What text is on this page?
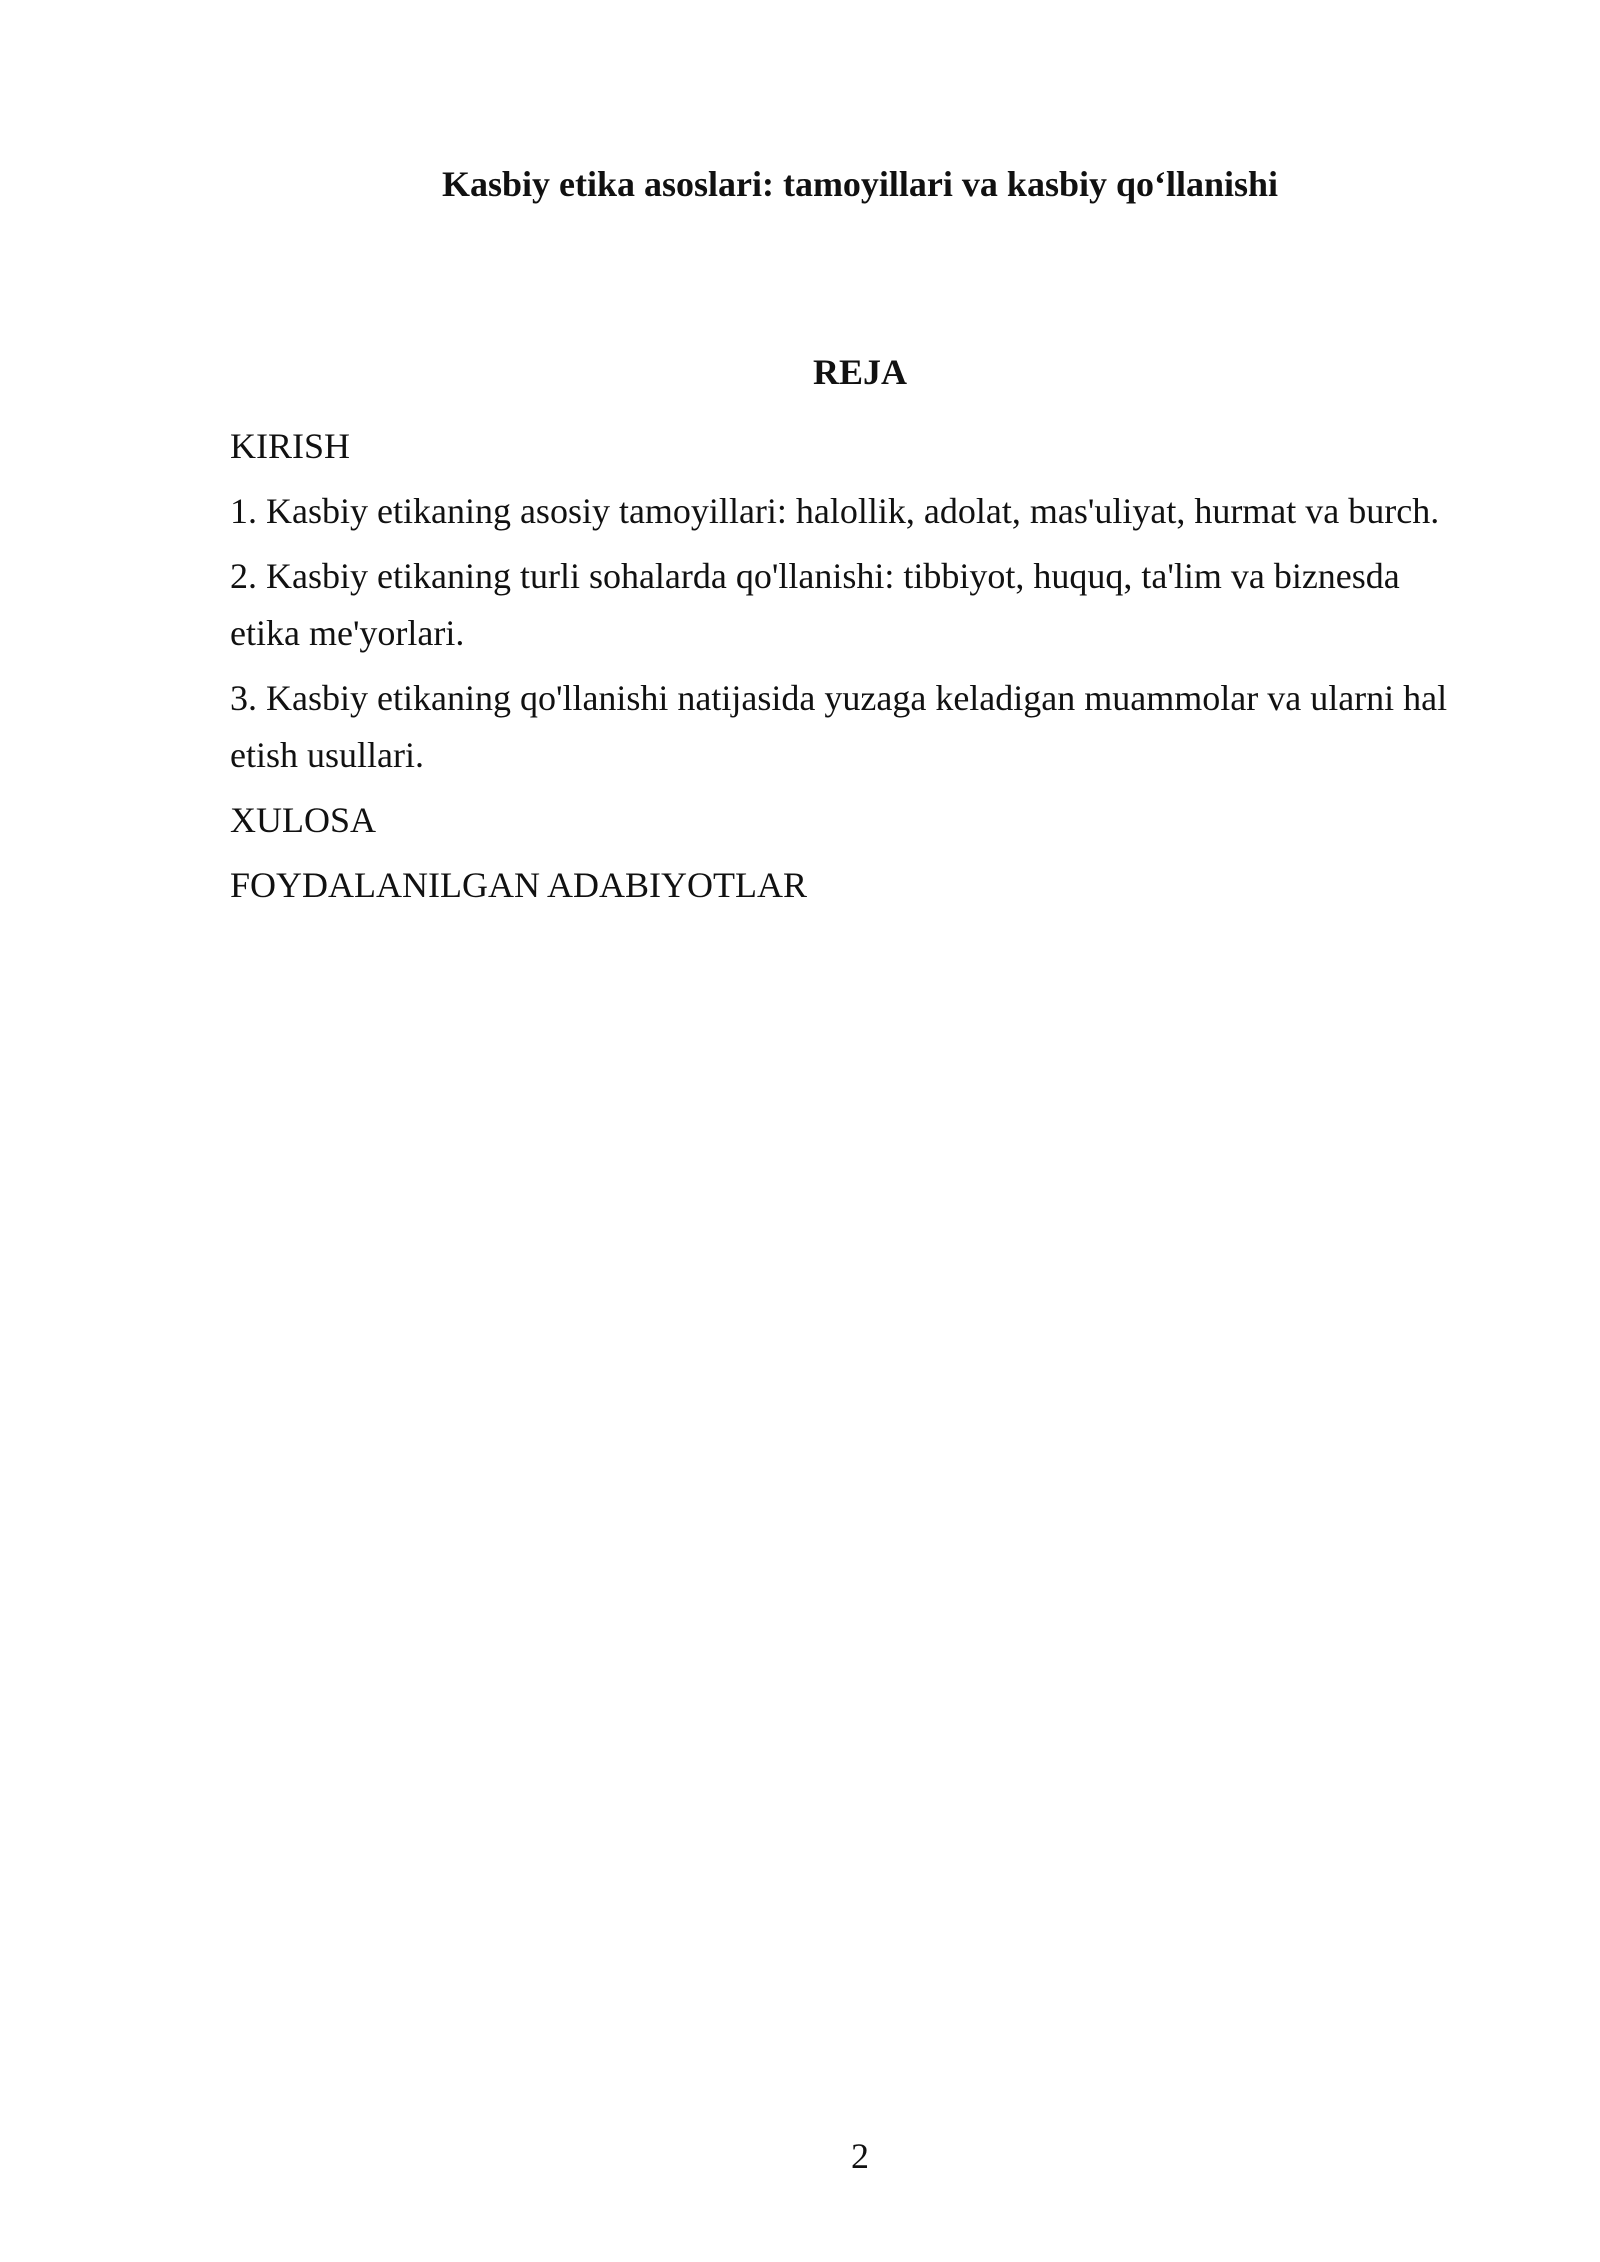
Kasbiy etika asoslari: tamoyillari va kasbiy qo‘llanishi
REJA

KIRISH

1. Kasbiy etikaning asosiy tamoyillari: halollik, adolat, mas'uliyat, hurmat va burch.

2. Kasbiy etikaning turli sohalarda qo'llanishi: tibbiyot, huquq, ta'lim va biznesda etika me'yorlari.

3. Kasbiy etikaning qo'llanishi natijasida yuzaga keladigan muammolar va ularni hal etish usullari.

XULOSA

FOYDALANILGAN ADABIYOTLAR

2
